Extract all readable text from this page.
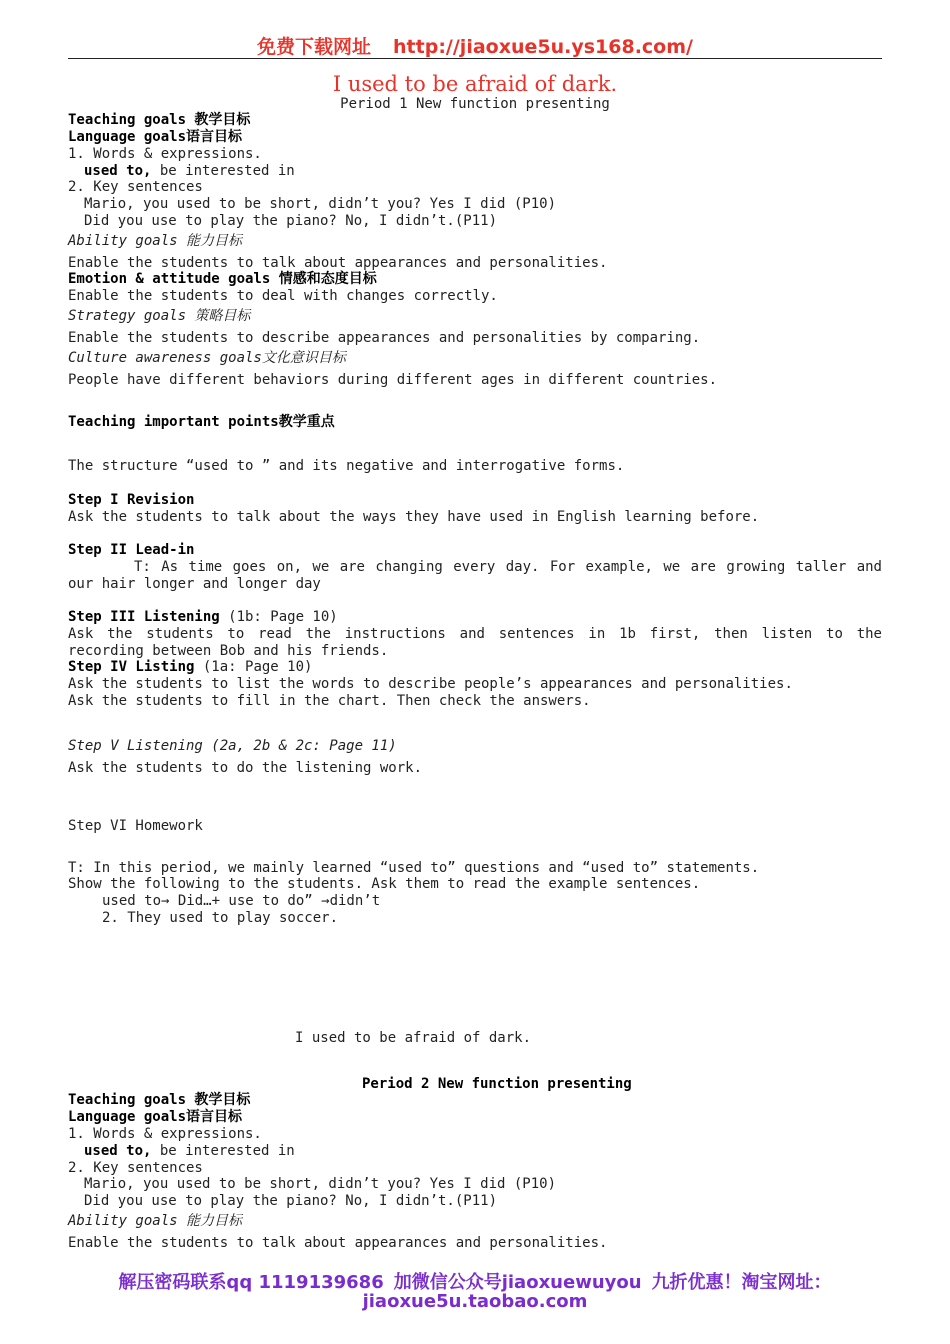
免费下载网址 http://jiaoxue5u.ys168.com/
I used to be afraid of dark.
Period 1 New function presenting
Teaching goals 教学目标
Language goals语言目标
1. Words & expressions.
used to, be interested in
2. Key sentences
Mario, you used to be short, didn’t you? Yes I did (P10)
Did you use to play the piano? No, I didn’t.(P11)
Ability goals 能力目标
Enable the students to talk about appearances and personalities.
Emotion & attitude goals 情感和态度目标
Enable the students to deal with changes correctly.
Strategy goals 策略目标
Enable the students to describe appearances and personalities by comparing.
Culture awareness goals文化意识目标
People have different behaviors during different ages in different countries.
Teaching important points教学重点
The structure “used to ” and its negative and interrogative forms.
Step I Revision
Ask the students to talk about the ways they have used in English learning before.
Step II Lead-in
T: As time goes on, we are changing every day. For example, we are growing taller and our hair longer and longer day
Step III Listening (1b: Page 10)
Ask the students to read the instructions and sentences in 1b first, then listen to the recording between Bob and his friends.
Step IV Listing (1a: Page 10)
Ask the students to list the words to describe people’s appearances and personalities.
Ask the students to fill in the chart. Then check the answers.
Step V Listening (2a, 2b & 2c: Page 11)
Ask the students to do the listening work.
Step VI Homework
T: In this period, we mainly learned “used to” questions and “used to” statements.
Show the following to the students. Ask them to read the example sentences.
used to→ Did…+ use to do” →didn’t
2. They used to play soccer.
I used to be afraid of dark.
Period 2 New function presenting
Teaching goals 教学目标
Language goals语言目标
1. Words & expressions.
used to, be interested in
2. Key sentences
Mario, you used to be short, didn’t you? Yes I did (P10)
Did you use to play the piano? No, I didn’t.(P11)
Ability goals 能力目标
Enable the students to talk about appearances and personalities.
解压密码联系qq 1119139686 加微信公众号jiaoxuewuyou 九折优惠！淘宝网址：
jiaoxue5u.taobao.com
